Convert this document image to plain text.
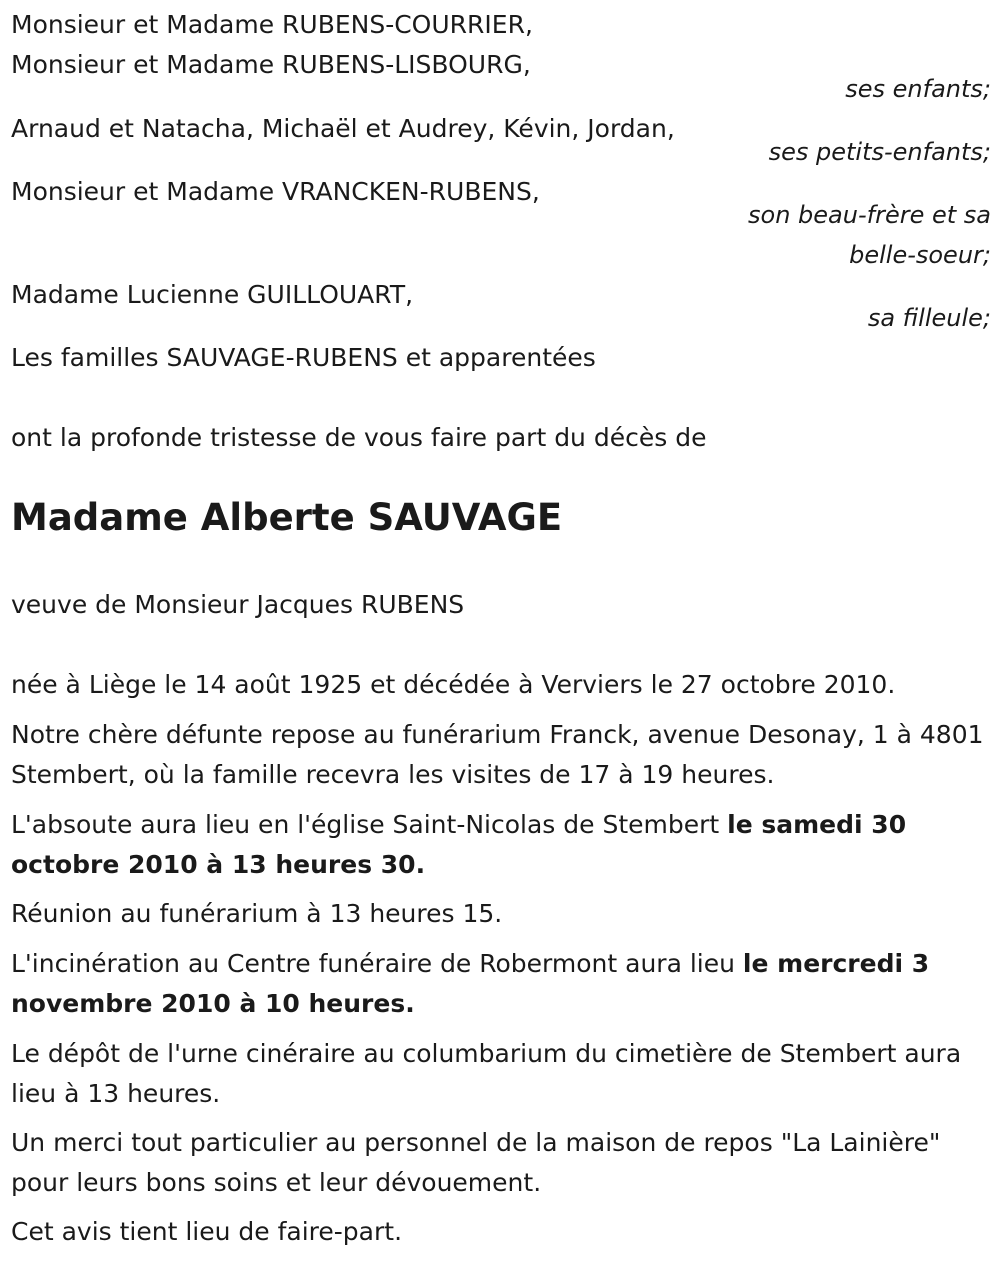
Monsieur et Madame RUBENS-COURRIER,
Monsieur et Madame RUBENS-LISBOURG,
ses enfants;
Arnaud et Natacha, Michaël et Audrey, Kévin, Jordan,
ses petits-enfants;
Monsieur et Madame VRANCKEN-RUBENS,
son beau-frère et sa
belle-soeur;
Madame Lucienne GUILLOUART,
sa filleule;
Les familles SAUVAGE-RUBENS et apparentées
ont la profonde tristesse de vous faire part du décès de
Madame Alberte SAUVAGE
veuve de Monsieur Jacques RUBENS
née à Liège le 14 août 1925 et décédée à Verviers le 27 octobre 2010.
Notre chère défunte repose au funérarium Franck, avenue Desonay, 1 à 4801 Stembert, où la famille recevra les visites de 17 à 19 heures.
L'absoute aura lieu en l'église Saint-Nicolas de Stembert le samedi 30 octobre 2010 à 13 heures 30.
Réunion au funérarium à 13 heures 15.
L'incinération au Centre funéraire de Robermont aura lieu le mercredi 3 novembre 2010 à 10 heures.
Le dépôt de l'urne cinéraire au columbarium du cimetière de Stembert aura lieu à 13 heures.
Un merci tout particulier au personnel de la maison de repos "La Lainière" pour leurs bons soins et leur dévouement.
Cet avis tient lieu de faire-part.
